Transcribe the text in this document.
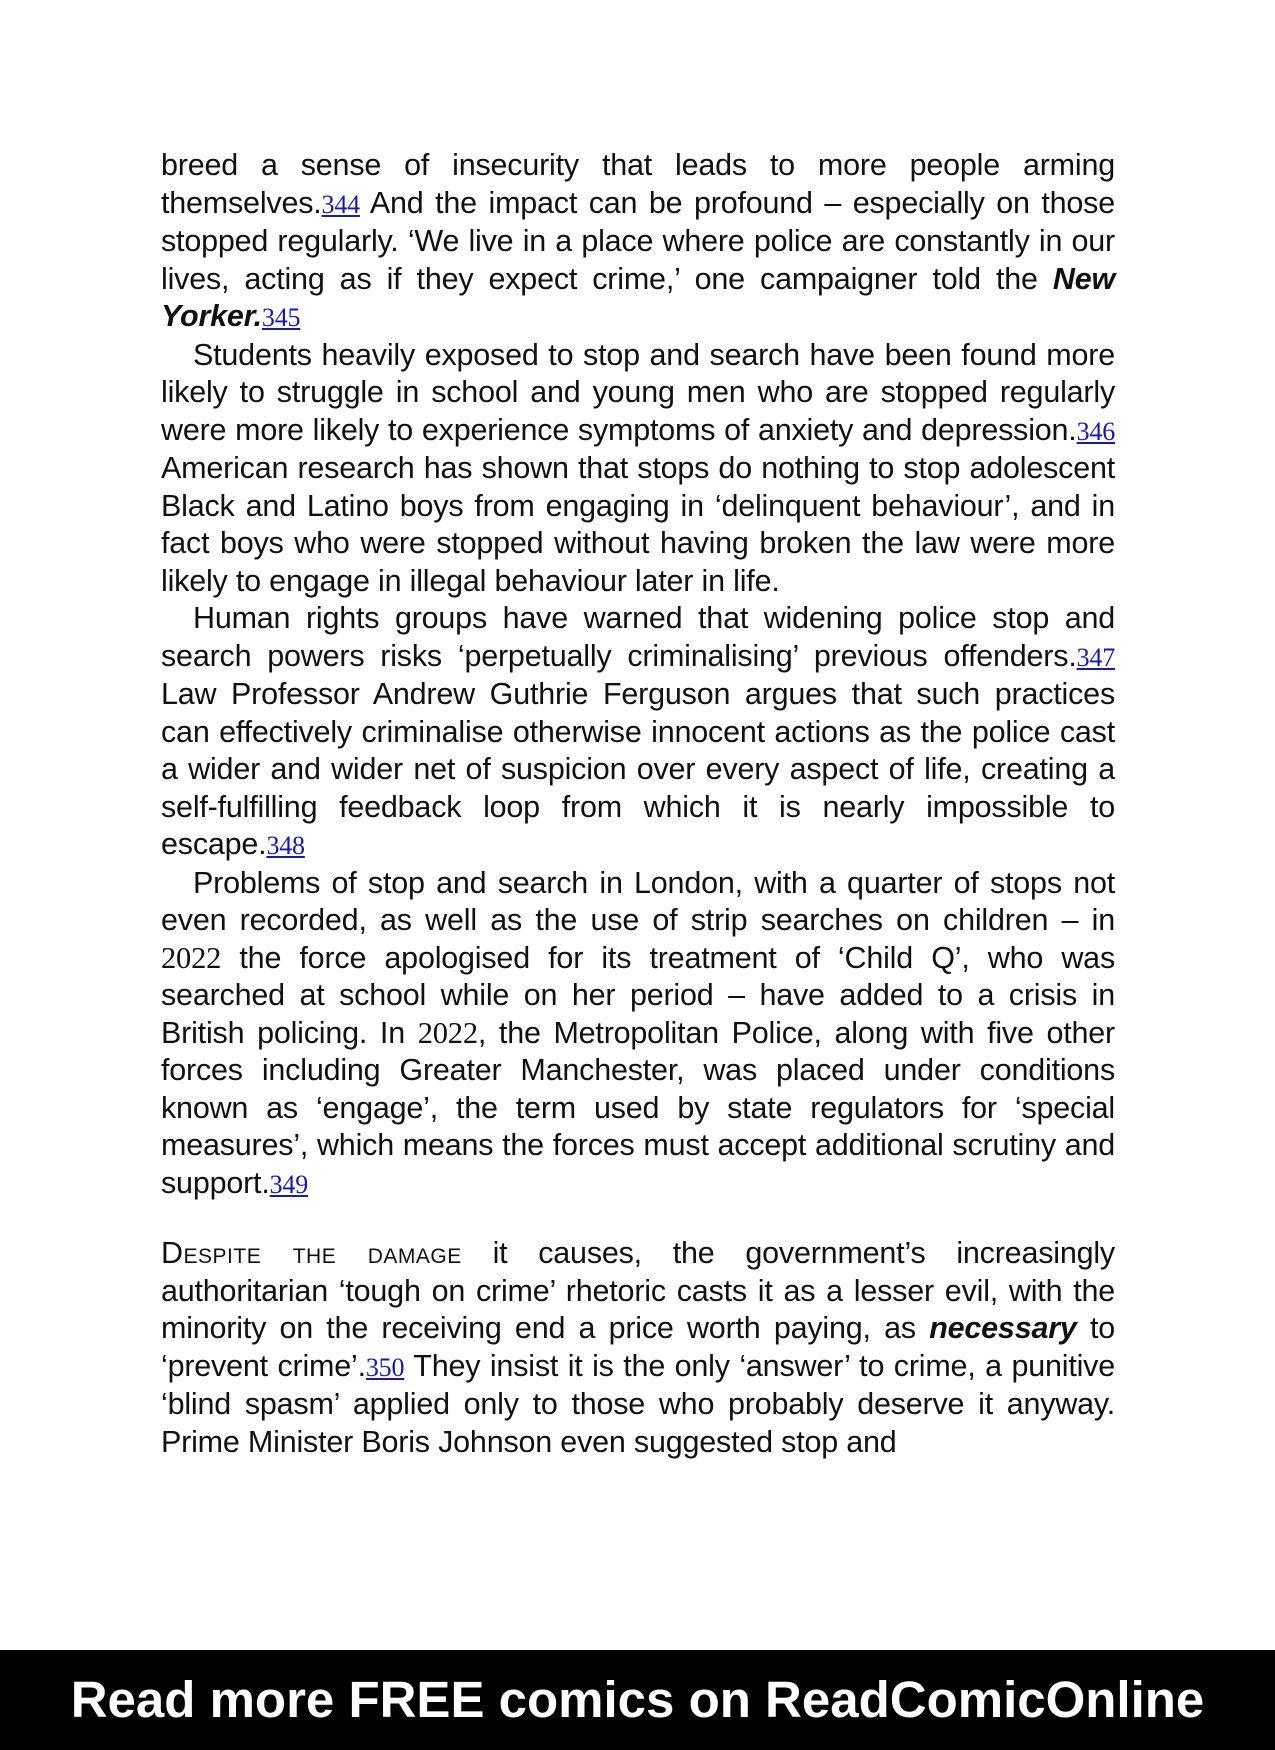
breed a sense of insecurity that leads to more people arming themselves.344 And the impact can be profound – especially on those stopped regularly. ‘We live in a place where police are constantly in our lives, acting as if they expect crime,’ one campaigner told the New Yorker.345

Students heavily exposed to stop and search have been found more likely to struggle in school and young men who are stopped regularly were more likely to experience symptoms of anxiety and depression.346 American research has shown that stops do nothing to stop adolescent Black and Latino boys from engaging in ‘delinquent behaviour’, and in fact boys who were stopped without having broken the law were more likely to engage in illegal behaviour later in life.

Human rights groups have warned that widening police stop and search powers risks ‘perpetually criminalising’ previous offenders.347 Law Professor Andrew Guthrie Ferguson argues that such practices can effectively criminalise otherwise innocent actions as the police cast a wider and wider net of suspicion over every aspect of life, creating a self-fulfilling feedback loop from which it is nearly impossible to escape.348

Problems of stop and search in London, with a quarter of stops not even recorded, as well as the use of strip searches on children – in 2022 the force apologised for its treatment of ‘Child Q’, who was searched at school while on her period – have added to a crisis in British policing. In 2022, the Metropolitan Police, along with five other forces including Greater Manchester, was placed under conditions known as ‘engage’, the term used by state regulators for ‘special measures’, which means the forces must accept additional scrutiny and support.349

Despite the damage it causes, the government’s increasingly authoritarian ‘tough on crime’ rhetoric casts it as a lesser evil, with the minority on the receiving end a price worth paying, as necessary to ‘prevent crime’.350 They insist it is the only ‘answer’ to crime, a punitive ‘blind spasm’ applied only to those who probably deserve it anyway. Prime Minister Boris Johnson even suggested stop and

Read more FREE comics on ReadComicOnline
